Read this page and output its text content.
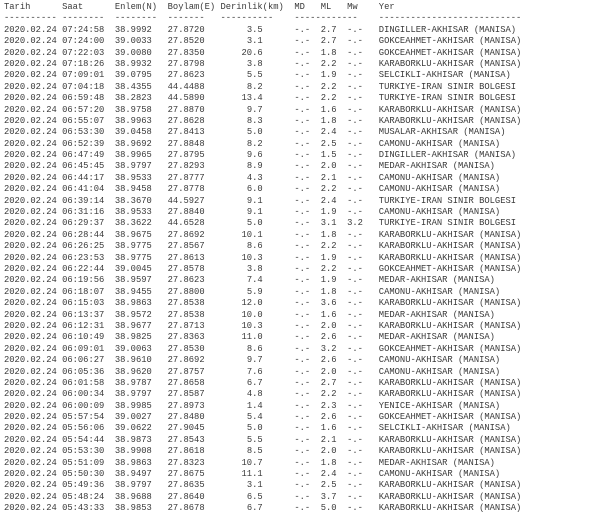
Tarih	Saat	Enlem(N) Boylam(E) Derinlik(km) MD ML Mw Yer
---------- -------- -------- ------- ---------- ------------ ---------------------------
2020.02.24 07:24:58 38.9992 27.8720	3.5	-.- 2.7 -.- DINGILLER-AKHISAR (MANISA)
2020.02.24 07:24:00 39.0033 27.8520	3.1	-.- 2.7 -.- GOKCEAHMET-AKHISAR (MANISA)
2020.02.24 07:22:03 39.0080 27.8350	20.6	-.- 1.8 -.- GOKCEAHMET-AKHISAR (MANISA)
2020.02.24 07:18:26 38.9932 27.8798	3.8	-.- 2.2 -.- KARABORKLU-AKHISAR (MANISA)
2020.02.24 07:09:01 39.0795 27.8623	5.5	-.- 1.9 -.- SELCIKLI-AKHISAR (MANISA)
2020.02.24 07:04:18 38.4355 44.4488	8.2	-.- 2.2 -.- TURKIYE-IRAN SINIR BOLGESI
2020.02.24 06:59:48 38.2823 44.5890	13.4	-.- 2.2 -.- TURKIYE-IRAN SINIR BOLGESI
2020.02.24 06:57:20 38.9758 27.8870	9.7	-.- 1.6 -.- KARABORKLU-AKHISAR (MANISA)
2020.02.24 06:55:07 38.9963 27.8628	8.3	-.- 1.8 -.- KARABORKLU-AKHISAR (MANISA)
2020.02.24 06:53:30 39.0458 27.8413	5.0	-.- 2.4 -.- MUSALAR-AKHISAR (MANISA)
2020.02.24 06:52:39 38.9692 27.8848	8.2	-.- 2.5 -.- CAMONU-AKHISAR (MANISA)
2020.02.24 06:47:49 38.9965 27.8795	9.6	-.- 1.5 -.- DINGILLER-AKHISAR (MANISA)
2020.02.24 06:45:45 38.9797 27.8293	8.9	-.- 2.0 -.- MEDAR-AKHISAR (MANISA)
2020.02.24 06:44:17 38.9533 27.8777	4.3	-.- 2.1 -.- CAMONU-AKHISAR (MANISA)
2020.02.24 06:41:04 38.9458 27.8778	6.0	-.- 2.2 -.- CAMONU-AKHISAR (MANISA)
2020.02.24 06:39:14 38.3670 44.5927	9.1	-.- 2.4 -.- TURKIYE-IRAN SINIR BOLGESI
2020.02.24 06:31:16 38.9533 27.8840	9.1	-.- 1.9 -.- CAMONU-AKHISAR (MANISA)
2020.02.24 06:29:37 38.3622 44.6528	5.0	-.- 3.1 3.2 TURKIYE-IRAN SINIR BOLGESI
2020.02.24 06:28:44 38.9675 27.8692	10.1	-.- 1.8 -.- KARABORKLU-AKHISAR (MANISA)
2020.02.24 06:26:25 38.9775 27.8567	8.6	-.- 2.2 -.- KARABORKLU-AKHISAR (MANISA)
2020.02.24 06:23:53 38.9775 27.8613	10.3	-.- 1.9 -.- KARABORKLU-AKHISAR (MANISA)
2020.02.24 06:22:44 39.0045 27.8578	3.8	-.- 2.2 -.- GOKCEAHMET-AKHISAR (MANISA)
2020.02.24 06:19:56 38.9597 27.8623	7.4	-.- 1.9 -.- MEDAR-AKHISAR (MANISA)
2020.02.24 06:18:07 38.9455 27.8800	5.9	-.- 1.8 -.- CAMONU-AKHISAR (MANISA)
2020.02.24 06:15:03 38.9863 27.8538	12.0	-.- 3.6 -.- KARABORKLU-AKHISAR (MANISA)
2020.02.24 06:13:37 38.9572 27.8538	10.0	-.- 1.6 -.- MEDAR-AKHISAR (MANISA)
2020.02.24 06:12:31 38.9677 27.8713	10.3	-.- 2.0 -.- KARABORKLU-AKHISAR (MANISA)
2020.02.24 06:10:49 38.9825 27.8363	11.0	-.- 2.6 -.- MEDAR-AKHISAR (MANISA)
2020.02.24 06:09:01 39.0063 27.8530	8.6	-.- 3.2 -.- GOKCEAHMET-AKHISAR (MANISA)
2020.02.24 06:06:27 38.9610 27.8692	9.7	-.- 2.6 -.- CAMONU-AKHISAR (MANISA)
2020.02.24 06:05:36 38.9620 27.8757	7.6	-.- 2.0 -.- CAMONU-AKHISAR (MANISA)
2020.02.24 06:01:58 38.9787 27.8658	6.7	-.- 2.7 -.- KARABORKLU-AKHISAR (MANISA)
2020.02.24 06:00:34 38.9797 27.8587	4.8	-.- 2.2 -.- KARABORKLU-AKHISAR (MANISA)
2020.02.24 06:00:09 38.9985 27.8973	1.4	-.- 2.3 -.- YENICE-AKHISAR (MANISA)
2020.02.24 05:57:54 39.0027 27.8480	5.4	-.- 2.6 -.- GOKCEAHMET-AKHISAR (MANISA)
2020.02.24 05:56:06 39.0622 27.9045	5.0	-.- 1.6 -.- SELCIKLI-AKHISAR (MANISA)
2020.02.24 05:54:44 38.9873 27.8543	5.5	-.- 2.1 -.- KARABORKLU-AKHISAR (MANISA)
2020.02.24 05:53:30 38.9908 27.8618	8.5	-.- 2.0 -.- KARABORKLU-AKHISAR (MANISA)
2020.02.24 05:51:09 38.9863 27.8323	10.7	-.- 1.8 -.- MEDAR-AKHISAR (MANISA)
2020.02.24 05:50:30 38.9497 27.8675	11.1	-.- 2.4 -.- CAMONU-AKHISAR (MANISA)
2020.02.24 05:49:36 38.9797 27.8635	3.1	-.- 2.5 -.- KARABORKLU-AKHISAR (MANISA)
2020.02.24 05:48:24 38.9688 27.8640	6.5	-.- 3.7 -.- KARABORKLU-AKHISAR (MANISA)
2020.02.24 05:43:33 38.9853 27.8678	6.7	-.- 5.0 -.- KARABORKLU-AKHISAR (MANISA)
